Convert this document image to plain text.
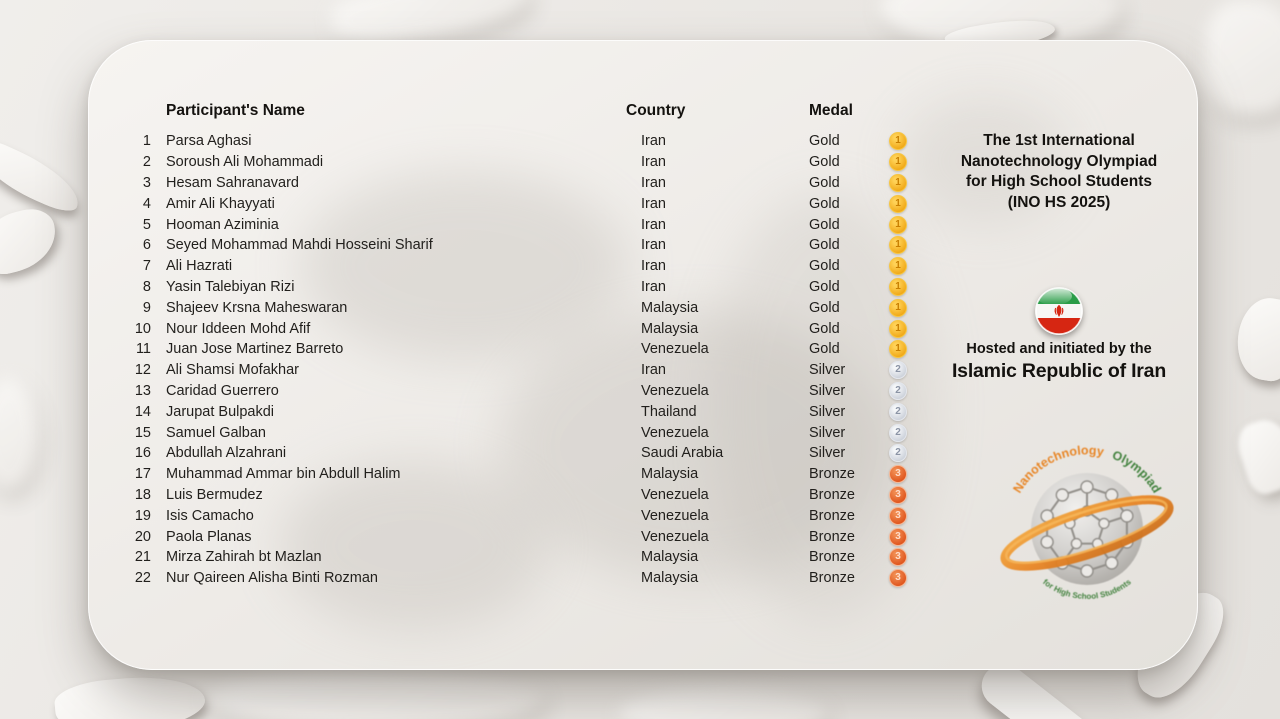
Participant's Name	Country	Medal
1	Parsa Aghasi	Iran	Gold	1
2	Soroush Ali Mohammadi	Iran	Gold	1
3	Hesam Sahranavard	Iran	Gold	1
4	Amir Ali Khayyati	Iran	Gold	1
5	Hooman Aziminia	Iran	Gold	1
6	Seyed Mohammad Mahdi Hosseini Sharif	Iran	Gold	1
7	Ali Hazrati	Iran	Gold	1
8	Yasin Talebiyan Rizi	Iran	Gold	1
9	Shajeev Krsna Maheswaran	Malaysia	Gold	1
10	Nour Iddeen Mohd Afif	Malaysia	Gold	1
11	Juan Jose Martinez Barreto	Venezuela	Gold	1
12	Ali Shamsi Mofakhar	Iran	Silver	2
13	Caridad Guerrero	Venezuela	Silver	2
14	Jarupat Bulpakdi	Thailand	Silver	2
15	Samuel Galban	Venezuela	Silver	2
16	Abdullah Alzahrani	Saudi Arabia	Silver	2
17	Muhammad Ammar bin Abdull Halim	Malaysia	Bronze	3
18	Luis Bermudez	Venezuela	Bronze	3
19	Isis Camacho	Venezuela	Bronze	3
20	Paola Planas	Venezuela	Bronze	3
21	Mirza Zahirah bt Mazlan	Malaysia	Bronze	3
22	Nur Qaireen Alisha Binti Rozman	Malaysia	Bronze	3
The 1st International
Nanotechnology Olympiad
for High School Students
(INO HS 2025)
Hosted and initiated by the
Islamic Republic of Iran
Nanotechnology Olympiad
for High School Students
